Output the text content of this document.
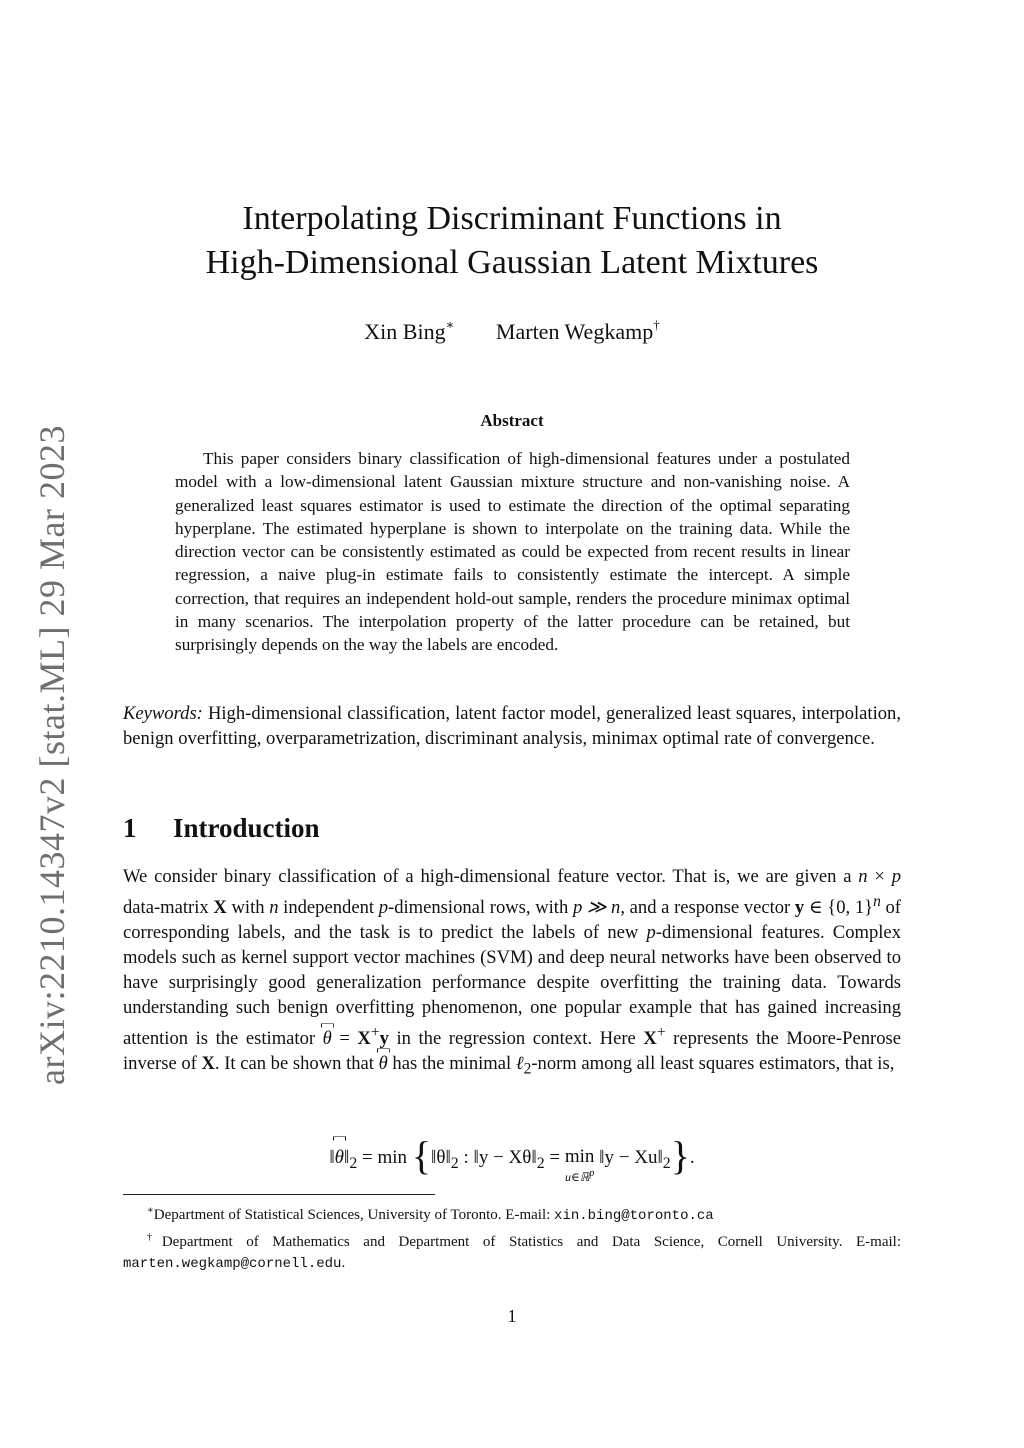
arXiv:2210.14347v2 [stat.ML] 29 Mar 2023
Interpolating Discriminant Functions in
High-Dimensional Gaussian Latent Mixtures
Xin Bing∗ Marten Wegkamp†
Abstract
This paper considers binary classification of high-dimensional features under a postulated model with a low-dimensional latent Gaussian mixture structure and non-vanishing noise. A generalized least squares estimator is used to estimate the direction of the optimal separating hyperplane. The estimated hyperplane is shown to interpolate on the training data. While the direction vector can be consistently estimated as could be expected from recent results in linear regression, a naive plug-in estimate fails to consistently estimate the intercept. A simple correction, that requires an independent hold-out sample, renders the procedure minimax optimal in many scenarios. The interpolation property of the latter procedure can be retained, but surprisingly depends on the way the labels are encoded.
Keywords: High-dimensional classification, latent factor model, generalized least squares, interpolation, benign overfitting, overparametrization, discriminant analysis, minimax optimal rate of convergence.
1 Introduction
We consider binary classification of a high-dimensional feature vector. That is, we are given a n × p data-matrix X with n independent p-dimensional rows, with p ≫ n, and a response vector y ∈ {0, 1}$^n$ of corresponding labels, and the task is to predict the labels of new p-dimensional features. Complex models such as kernel support vector machines (SVM) and deep neural networks have been observed to have surprisingly good generalization performance despite overfitting the training data. Towards understanding such benign overfitting phenomenon, one popular example that has gained increasing attention is the estimator θ = X+y in the regression context. Here X+ represents the Moore-Penrose inverse of X. It can be shown that θ has the minimal ℓ$_2$-norm among all least squares estimators, that is,
$‖\theta‖_2 = \min$ {$‖\theta‖_2$ : ‖y − $X\theta‖_2 = \min$
u∈ℝ$^p$
‖y − $Xu‖_2$}.
∗Department of Statistical Sciences, University of Toronto. E-mail: xin.bing@toronto.ca
†Department of Mathematics and Department of Statistics and Data Science, Cornell University. E-mail: marten.wegkamp@cornell.edu.
1
